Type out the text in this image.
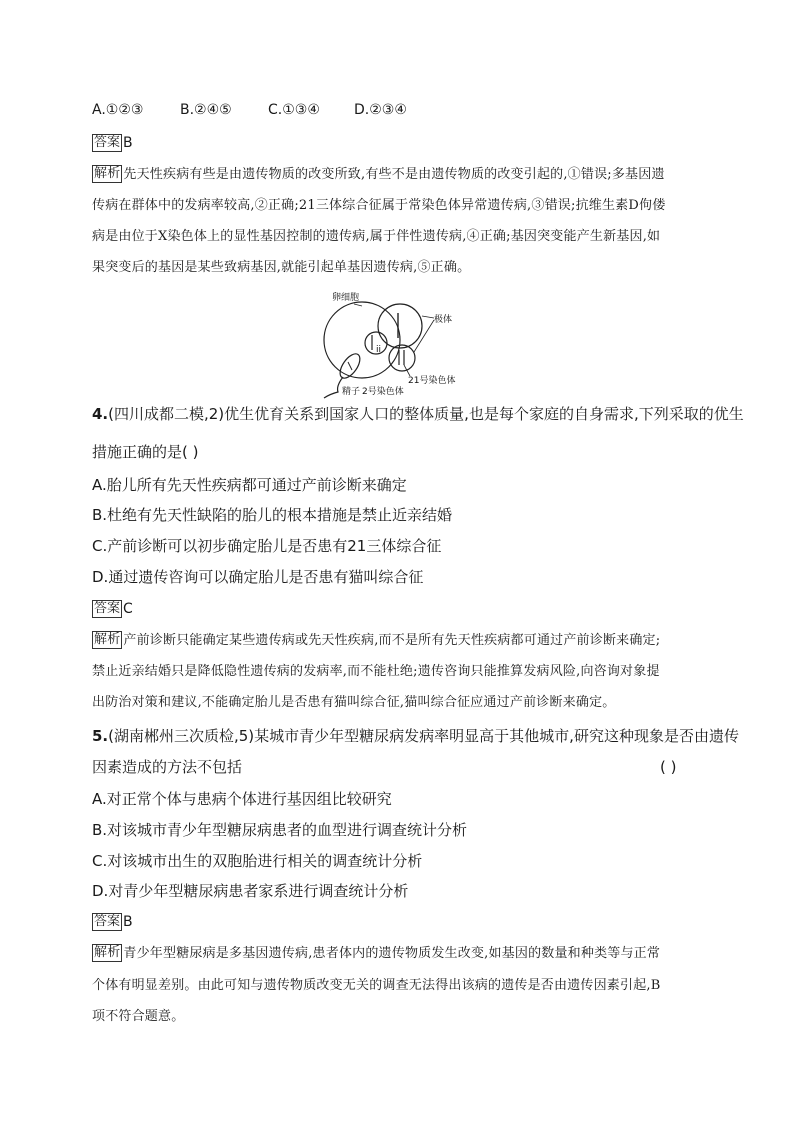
A.①②③	B.②④⑤	C.①③④ D.②③④
答案 B
解析 先天性疾病有些是由遗传物质的改变所致,有些不是由遗传物质的改变引起的,①错误;多基因遗
传病在群体中的发病率较高,②正确;21三体综合征属于常染色体异常遗传病,③错误;抗维生素D佝偻
病是由位于X染色体上的显性基因控制的遗传病,属于伴性遗传病,④正确;基因突变能产生新基因,如
果突变后的基因是某些致病基因,就能引起单基因遗传病,⑤正确。
ii
卵细胞
极体
精子 2号染色体
21号染色体
4.(四川成都二模,2)优生优育关系到国家人口的整体质量,也是每个家庭的自身需求,下列采取的优生
措施正确的是( )
A.胎儿所有先天性疾病都可通过产前诊断来确定
B.杜绝有先天性缺陷的胎儿的根本措施是禁止近亲结婚
C.产前诊断可以初步确定胎儿是否患有21三体综合征
D.通过遗传咨询可以确定胎儿是否患有猫叫综合征
答案 C
解析 产前诊断只能确定某些遗传病或先天性疾病,而不是所有先天性疾病都可通过产前诊断来确定;
禁止近亲结婚只是降低隐性遗传病的发病率,而不能杜绝;遗传咨询只能推算发病风险,向咨询对象提
出防治对策和建议,不能确定胎儿是否患有猫叫综合征,猫叫综合征应通过产前诊断来确定。
5.(湖南郴州三次质检,5)某城市青少年型糖尿病发病率明显高于其他城市,研究这种现象是否由遗传
因素造成的方法不包括	( )
A.对正常个体与患病个体进行基因组比较研究
B.对该城市青少年型糖尿病患者的血型进行调查统计分析
C.对该城市出生的双胞胎进行相关的调查统计分析
D.对青少年型糖尿病患者家系进行调查统计分析
答案 B
解析 青少年型糖尿病是多基因遗传病,患者体内的遗传物质发生改变,如基因的数量和种类等与正常
个体有明显差别。由此可知与遗传物质改变无关的调查无法得出该病的遗传是否由遗传因素引起,B
项不符合题意。
